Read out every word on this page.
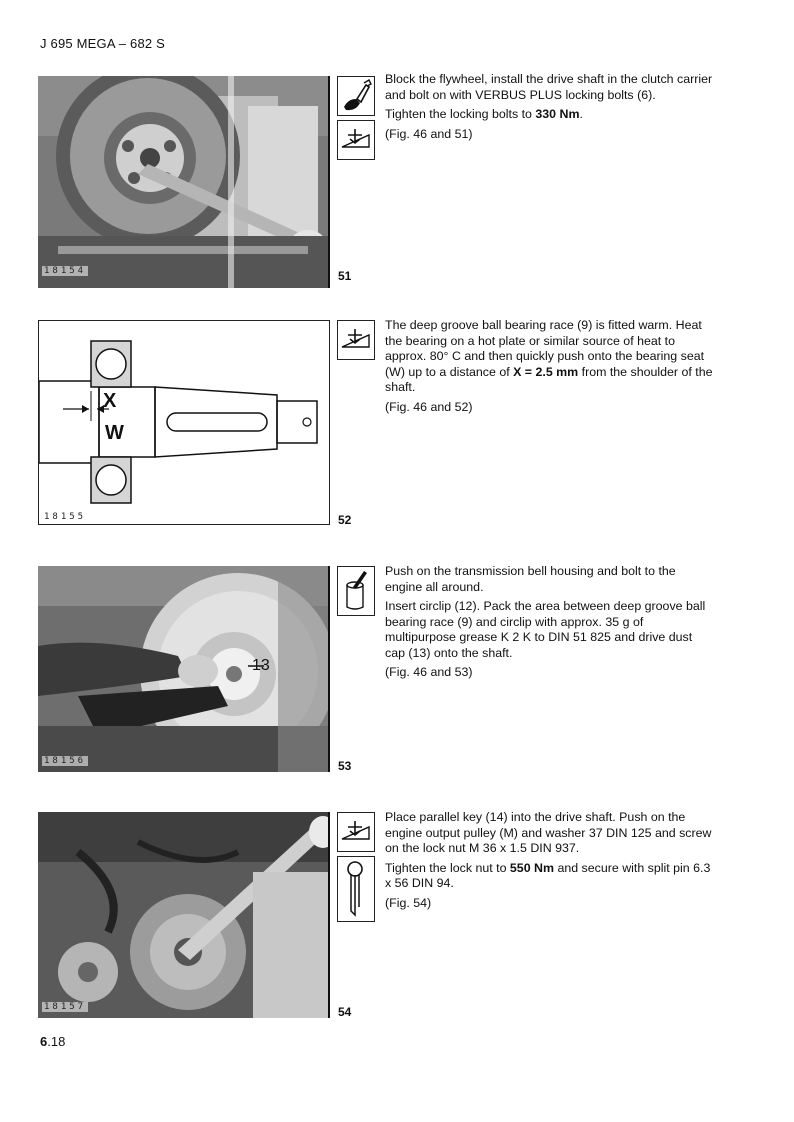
J 695 MEGA – 682 S
18154	51

Block the flywheel, install the drive shaft in the clutch carrier and bolt on with VERBUS PLUS locking bolts (6).

Tighten the locking bolts to 330 Nm.

(Fig. 46 and 51)

X
W
18155	52

The deep groove ball bearing race (9) is fitted warm. Heat the bearing on a hot plate or similar source of heat to approx. 80° C and then quickly push onto the bearing seat (W) up to a distance of X = 2.5 mm from the shoulder of the shaft.

(Fig. 46 and 52)

13
18156	53

Push on the transmission bell housing and bolt to the engine all around.

Insert circlip (12). Pack the area between deep groove ball bearing race (9) and circlip with approx. 35 g of multipurpose grease K 2 K to DIN 51 825 and drive dust cap (13) onto the shaft.

(Fig. 46 and 53)

18157	54

Place parallel key (14) into the drive shaft. Push on the engine output pulley (M) and washer 37 DIN 125 and screw on the lock nut M 36 x 1.5 DIN 937.

Tighten the lock nut to 550 Nm and secure with split pin 6.3 x 56 DIN 94.

(Fig. 54)

6.18
